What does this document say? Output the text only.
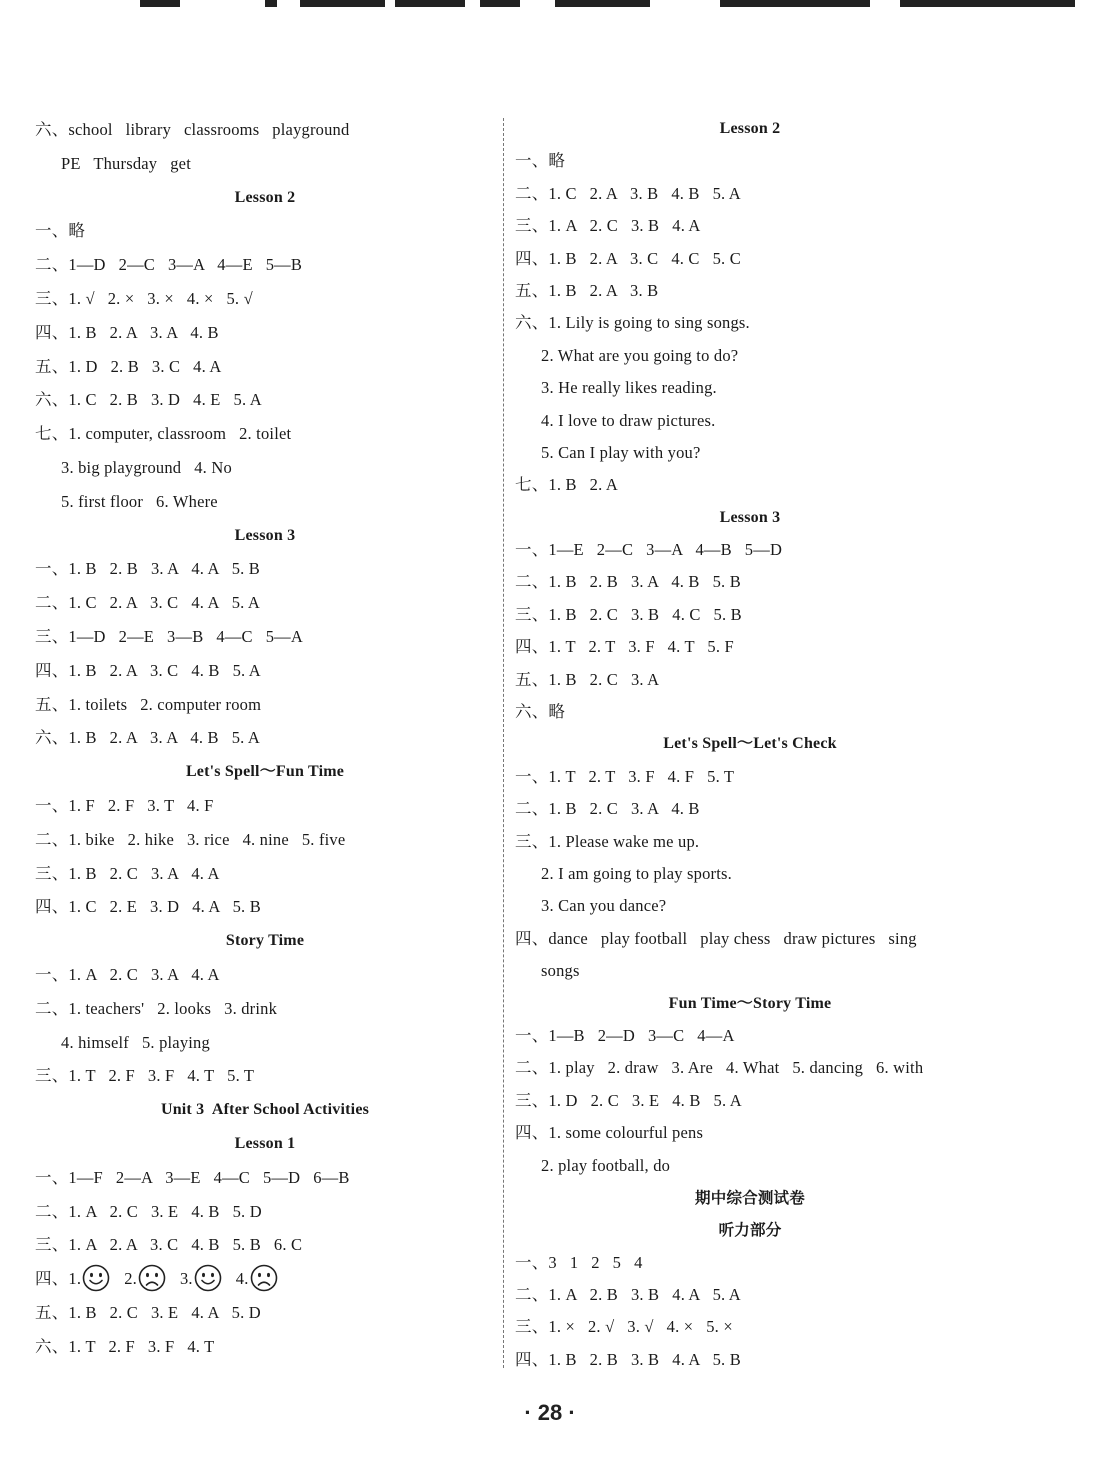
六、school   library   classrooms   playground
PE   Thursday   get
Lesson 2
一、略
二、1—D   2—C   3—A   4—E   5—B
三、1. √   2. ×   3. ×   4. ×   5. √
四、1. B   2. A   3. A   4. B
五、1. D   2. B   3. C   4. A
六、1. C   2. B   3. D   4. E   5. A
七、1. computer, classroom   2. toilet
3. big playground   4. No
5. first floor   6. Where
Lesson 3
一、1. B   2. B   3. A   4. A   5. B
二、1. C   2. A   3. C   4. A   5. A
三、1—D   2—E   3—B   4—C   5—A
四、1. B   2. A   3. C   4. B   5. A
五、1. toilets   2. computer room
六、1. B   2. A   3. A   4. B   5. A
Let's Spell～Fun Time
一、1. F   2. F   3. T   4. F
二、1. bike   2. hike   3. rice   4. nine   5. five
三、1. B   2. C   3. A   4. A
四、1. C   2. E   3. D   4. A   5. B
Story Time
一、1. A   2. C   3. A   4. A
二、1. teachers'   2. looks   3. drink
4. himself   5. playing
三、1. T   2. F   3. F   4. T   5. T
Unit 3  After School Activities
Lesson 1
一、1—F   2—A   3—E   4—C   5—D   6—B
二、1. A   2. C   3. E   4. B   5. D
三、1. A   2. A   3. C   4. B   5. B   6. C
四、1.	2.	3.	4.
五、1. B   2. C   3. E   4. A   5. D
六、1. T   2. F   3. F   4. T
Lesson 2
一、略
二、1. C   2. A   3. B   4. B   5. A
三、1. A   2. C   3. B   4. A
四、1. B   2. A   3. C   4. C   5. C
五、1. B   2. A   3. B
六、1. Lily is going to sing songs.
2. What are you going to do?
3. He really likes reading.
4. I love to draw pictures.
5. Can I play with you?
七、1. B   2. A
Lesson 3
一、1—E   2—C   3—A   4—B   5—D
二、1. B   2. B   3. A   4. B   5. B
三、1. B   2. C   3. B   4. C   5. B
四、1. T   2. T   3. F   4. T   5. F
五、1. B   2. C   3. A
六、略
Let's Spell～Let's Check
一、1. T   2. T   3. F   4. F   5. T
二、1. B   2. C   3. A   4. B
三、1. Please wake me up.
2. I am going to play sports.
3. Can you dance?
四、dance   play football   play chess   draw pictures   sing
songs
Fun Time～Story Time
一、1—B   2—D   3—C   4—A
二、1. play   2. draw   3. Are   4. What   5. dancing   6. with
三、1. D   2. C   3. E   4. B   5. A
四、1. some colourful pens
2. play football, do
期中综合测试卷
听力部分
一、3   1   2   5   4
二、1. A   2. B   3. B   4. A   5. A
三、1. ×   2. √   3. √   4. ×   5. ×
四、1. B   2. B   3. B   4. A   5. B
· 28 ·
